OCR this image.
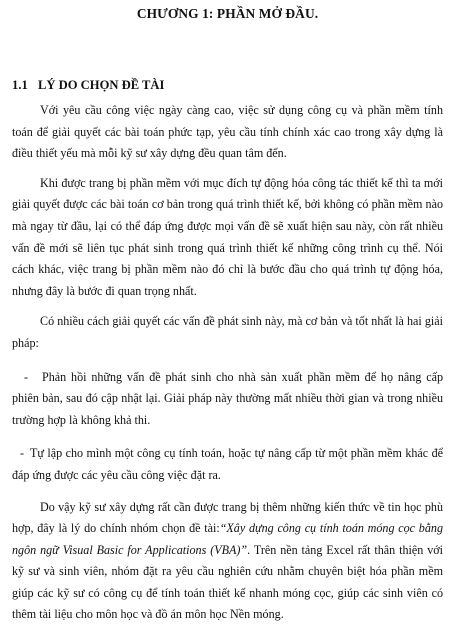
CHƯƠNG 1: PHẦN MỞ ĐẦU.
1.1 LÝ DO CHỌN ĐỀ TÀI

Với yêu cầu công việc ngày càng cao, việc sử dụng công cụ và phần mềm tính toán để giải quyết các bài toán phức tạp, yêu cầu tính chính xác cao trong xây dựng là điều thiết yếu mà mỗi kỹ sư xây dựng đều quan tâm đến.

Khi được trang bị phần mềm với mục đích tự động hóa công tác thiết kế thì ta mới giải quyết được các bài toán cơ bản trong quá trình thiết kế, bởi không có phần mềm nào mà ngay từ đầu, lại có thể đáp ứng được mọi vấn đề sẽ xuất hiện sau này, còn rất nhiều vấn đề mới sẽ liên tục phát sinh trong quá trình thiết kế những công trình cụ thể. Nói cách khác, việc trang bị phần mềm nào đó chỉ là bước đầu cho quá trình tự động hóa, nhưng đây là bước đi quan trọng nhất.

Có nhiều cách giải quyết các vấn đề phát sinh này, mà cơ bản và tốt nhất là hai giải pháp:

- Phản hồi những vấn đề phát sinh cho nhà sản xuất phần mềm để họ nâng cấp phiên bản, sau đó cập nhật lại. Giải pháp này thường mất nhiều thời gian và trong nhiều trường hợp là không khả thi.

- Tự lập cho mình một công cụ tính toán, hoặc tự nâng cấp từ một phần mềm khác để đáp ứng được các yêu cầu công việc đặt ra.

Do vậy kỹ sư xây dựng rất cần được trang bị thêm những kiến thức về tin học phù hợp, đây là lý do chính nhóm chọn đề tài:“Xây dựng công cụ tính toán móng cọc bằng ngôn ngữ Visual Basic for Applications (VBA)”. Trên nền tảng Excel rất thân thiện với kỹ sư và sinh viên, nhóm đặt ra yêu cầu nghiên cứu nhằm chuyên biệt hóa phần mềm giúp các kỹ sư có công cụ để tính toán thiết kế nhanh móng cọc, giúp các sinh viên có thêm tài liệu cho môn học và đồ án môn học Nền móng.
